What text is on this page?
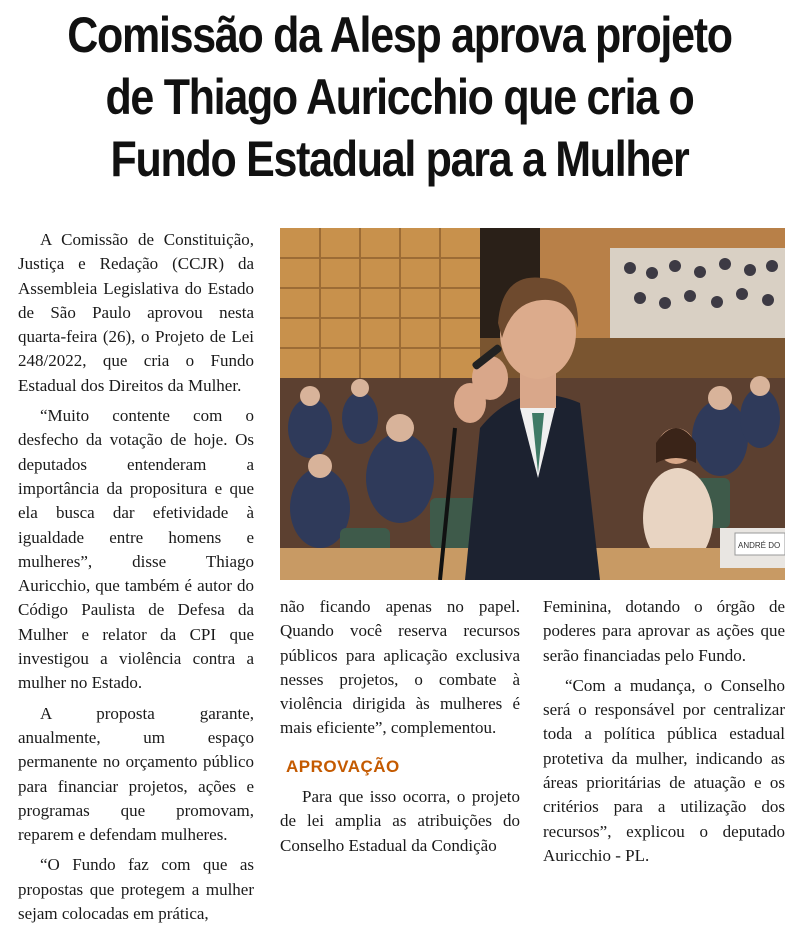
Comissão da Alesp aprova projeto
de Thiago Auricchio que cria o
Fundo Estadual para a Mulher

A Comissão de Constituição, Justiça e Redação (CCJR) da Assembleia Legislativa do Estado de São Paulo aprovou nesta quarta-feira (26), o Projeto de Lei 248/2022, que cria o Fundo Estadual dos Direitos da Mulher.

“Muito contente com o desfecho da votação de hoje. Os deputados entenderam a importância da propositura e que ela busca dar efetividade à igualdade entre homens e mulheres”, disse Thiago Auricchio, que também é autor do Código Paulista de Defesa da Mulher e relator da CPI que investigou a violência contra a mulher no Estado.

A proposta garante, anualmente, um espaço permanente no orçamento público para financiar projetos, ações e programas que promovam, reparem e defendam mulheres.

“O Fundo faz com que as propostas que protegem a mulher sejam colocadas em prática,

ANDRÉ DO

não ficando apenas no papel. Quando você reserva recursos públicos para aplicação exclusiva nesses projetos, o combate à violência dirigida às mulheres é mais eficiente”, complementou.

APROVAÇÃO

Para que isso ocorra, o projeto de lei amplia as atribuições do Conselho Estadual da Condição

Feminina, dotando o órgão de poderes para aprovar as ações que serão financiadas pelo Fundo.

“Com a mudança, o Conselho será o responsável por centralizar toda a política pública estadual protetiva da mulher, indicando as áreas prioritárias de atuação e os critérios para a utilização dos recursos”, explicou o deputado Auricchio - PL.
